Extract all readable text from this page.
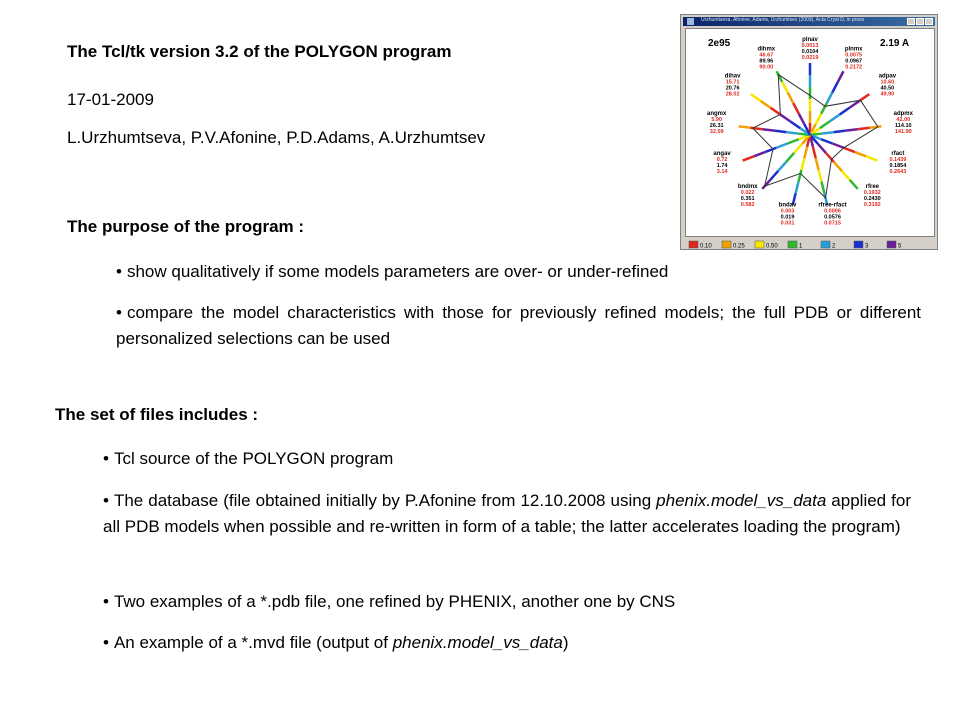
The Tcl/tk version 3.2 of the POLYGON program
17-01-2009
L.Urzhumtseva, P.V.Afonine, P.D.Adams, A.Urzhumtsev
Urzhumtseva, Afonine, Adams, Urzhumtsev (2009), Acta Cryst D, in press
2e95	2.19 A
plnav
0.0013
0.0104
0.0219
plnmx
0.0075
0.0967
0.2172
adpav
10.60
40.50
49.90
adpmx
42.00
114.10
141.90
rfact
0.1439
0.1854
0.2643
rfree
0.1932
0.2430
0.3192
rfree-rfact
0.0006
0.0576
0.0715
bndav
0.003
0.019
0.031
bndmx
0.022
0.351
0.582
angav
0.72
1.74
3.14
angmx
5.90
26.31
32.09
dihav
15.71
20.76
28.02
dihmx
46.67
89.96
90.00
0.10	0.25	0.50	1	2	3	5
The purpose of the program :
• show qualitatively if some models parameters are over- or under-refined
• compare the model characteristics with those for previously refined models; the full PDB or different personalized selections can be used
The set of files includes :
• Tcl source of the POLYGON program
• The database (file obtained initially by P.Afonine from 12.10.2008 using phenix.model_vs_data applied for all PDB models when possible and re-written in form of a table; the latter accelerates loading the program)
• Two examples of a *.pdb file, one refined by PHENIX, another one by CNS
• An example of a *.mvd file (output of phenix.model_vs_data)
